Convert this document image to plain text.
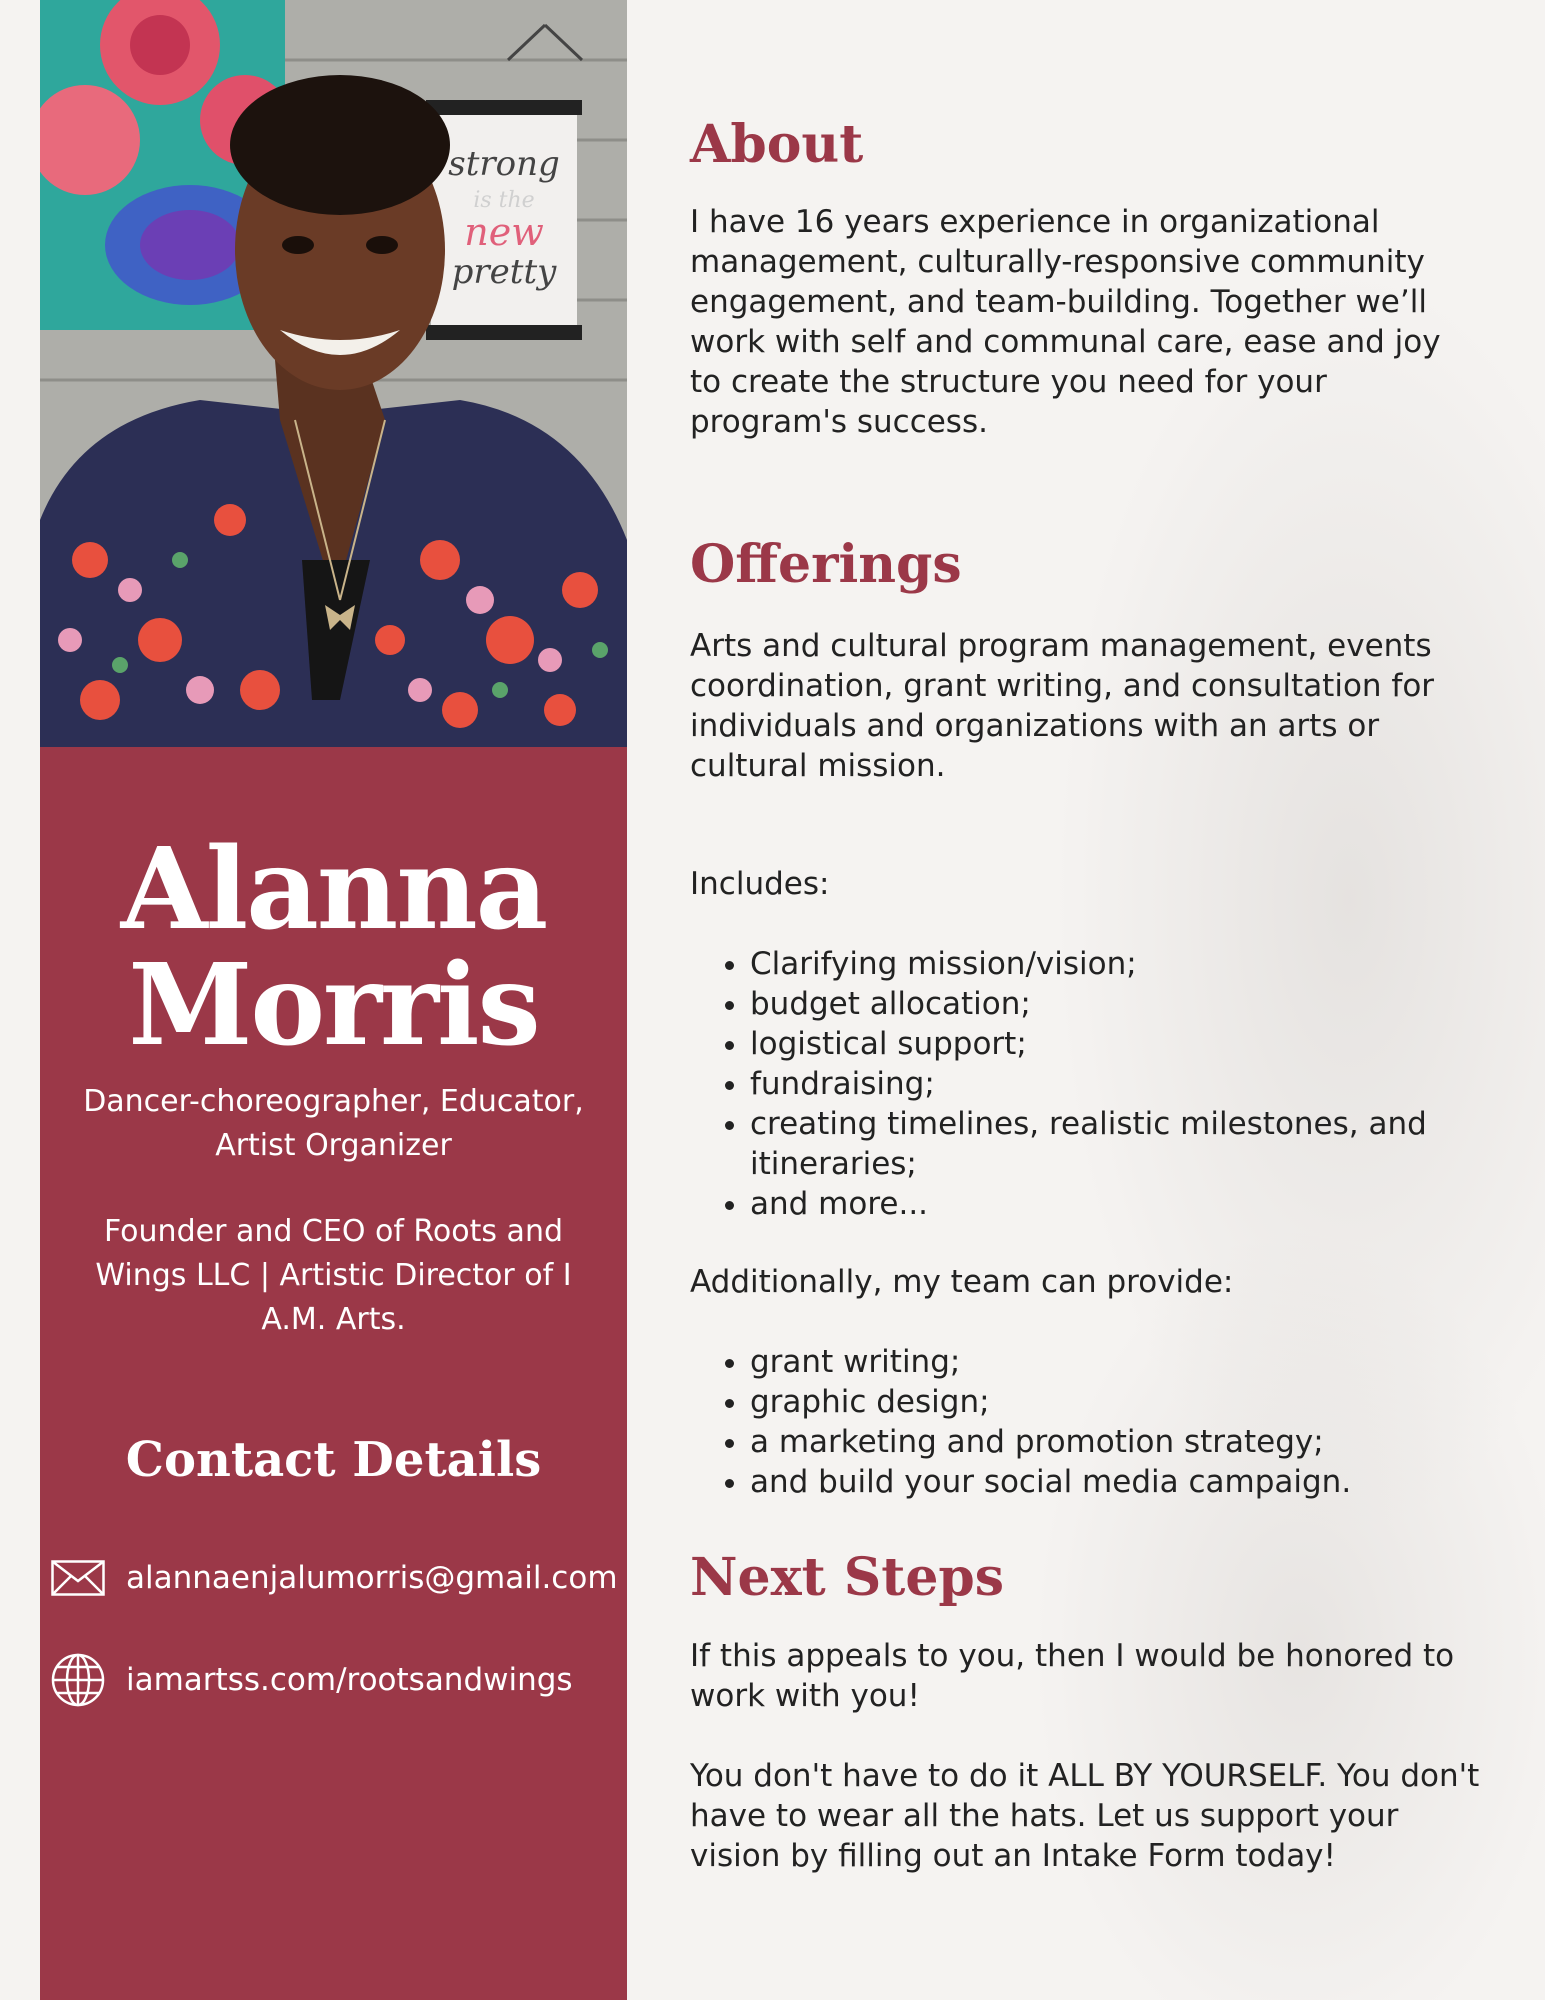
strong
is the
new
pretty
Alanna
Morris
Dancer-choreographer, Educator, Artist Organizer
Founder and CEO of Roots and Wings LLC | Artistic Director of I A.M. Arts.
Contact Details
alannaenjalumorris@gmail.com
iamartss.com/rootsandwings
About

I have 16 years experience in organizational management, culturally-responsive community engagement, and team-building. Together we’ll work with self and communal care, ease and joy to create the structure you need for your program's success.

Offerings

Arts and cultural program management, events coordination, grant writing, and consultation for individuals and organizations with an arts or cultural mission.

Includes:

• Clarifying mission/vision;
• budget allocation;
• logistical support;
• fundraising;
• creating timelines, realistic milestones, and itineraries;
• and more...

Additionally, my team can provide:

• grant writing;
• graphic design;
• a marketing and promotion strategy;
• and build your social media campaign.
Next Steps

If this appeals to you, then I would be honored to work with you!

You don't have to do it ALL BY YOURSELF. You don't have to wear all the hats. Let us support your vision by filling out an Intake Form today!
